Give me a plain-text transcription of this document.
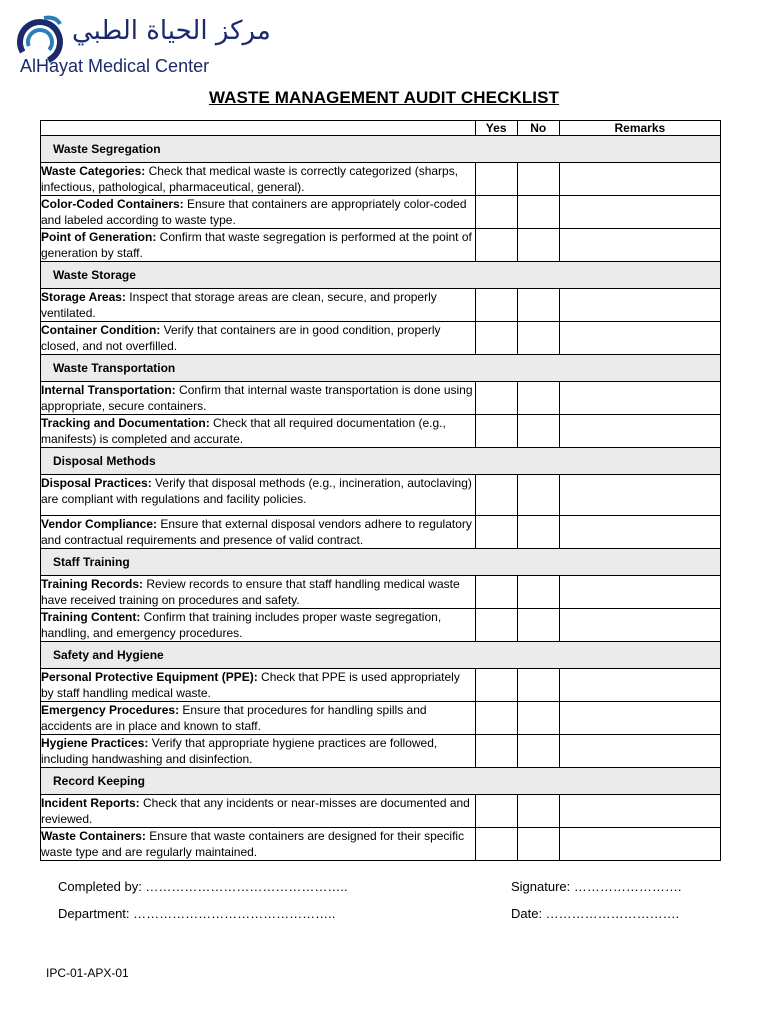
مركز الحياة الطبي
AlHayat Medical Center
WASTE MANAGEMENT AUDIT CHECKLIST
	Yes	No	Remarks
Waste Segregation			
Waste Categories: Check that medical waste is correctly categorized (sharps, infectious, pathological, pharmaceutical, general).			
Color-Coded Containers: Ensure that containers are appropriately color-coded and labeled according to waste type.			
Point of Generation: Confirm that waste segregation is performed at the point of generation by staff.			
Waste Storage			
Storage Areas: Inspect that storage areas are clean, secure, and properly ventilated.			
Container Condition: Verify that containers are in good condition, properly closed, and not overfilled.			
Waste Transportation			
Internal Transportation: Confirm that internal waste transportation is done using appropriate, secure containers.			
Tracking and Documentation: Check that all required documentation (e.g., manifests) is completed and accurate.			
Disposal Methods			
Disposal Practices: Verify that disposal methods (e.g., incineration, autoclaving) are compliant with regulations and facility policies.			
Vendor Compliance: Ensure that external disposal vendors adhere to regulatory and contractual requirements and presence of valid contract.			
Staff Training			
Training Records: Review records to ensure that staff handling medical waste have received training on procedures and safety.			
Training Content: Confirm that training includes proper waste segregation, handling, and emergency procedures.			
Safety and Hygiene			
Personal Protective Equipment (PPE): Check that PPE is used appropriately by staff handling medical waste.			
Emergency Procedures: Ensure that procedures for handling spills and accidents are in place and known to staff.			
Hygiene Practices: Verify that appropriate hygiene practices are followed, including handwashing and disinfection.			
Record Keeping			
Incident Reports: Check that any incidents or near-misses are documented and reviewed.			
Waste Containers: Ensure that waste containers are designed for their specific waste type and are regularly maintained.			
Completed by: ………………………………………..	Signature: …………………….
Department: ………………………………………..	Date: ………………………….
IPC-01-APX-01
